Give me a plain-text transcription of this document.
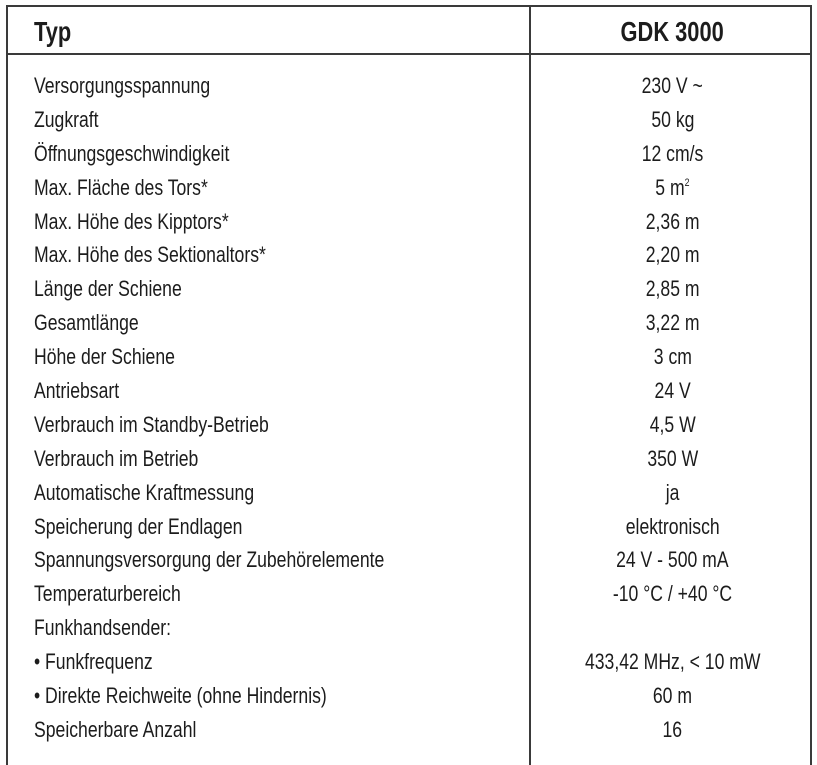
Typ	GDK 3000
Versorgungsspannung	230 V ~
Zugkraft	50 kg
Öffnungsgeschwindigkeit	12 cm/s
Max. Fläche des Tors*	5 $m^2$
Max. Höhe des Kipptors*	2,36 m
Max. Höhe des Sektionaltors*	2,20 m
Länge der Schiene	2,85 m
Gesamtlänge	3,22 m
Höhe der Schiene	3 cm
Antriebsart	24 V
Verbrauch im Standby-Betrieb	4,5 W
Verbrauch im Betrieb	350 W
Automatische Kraftmessung	ja
Speicherung der Endlagen	elektronisch
Spannungsversorgung der Zubehörelemente	24 V - 500 mA
Temperaturbereich	-10 °C / +40 °C
Funkhandsender:
• Funkfrequenz	433,42 MHz, < 10 mW
• Direkte Reichweite (ohne Hindernis)	60 m
Speicherbare Anzahl	16
